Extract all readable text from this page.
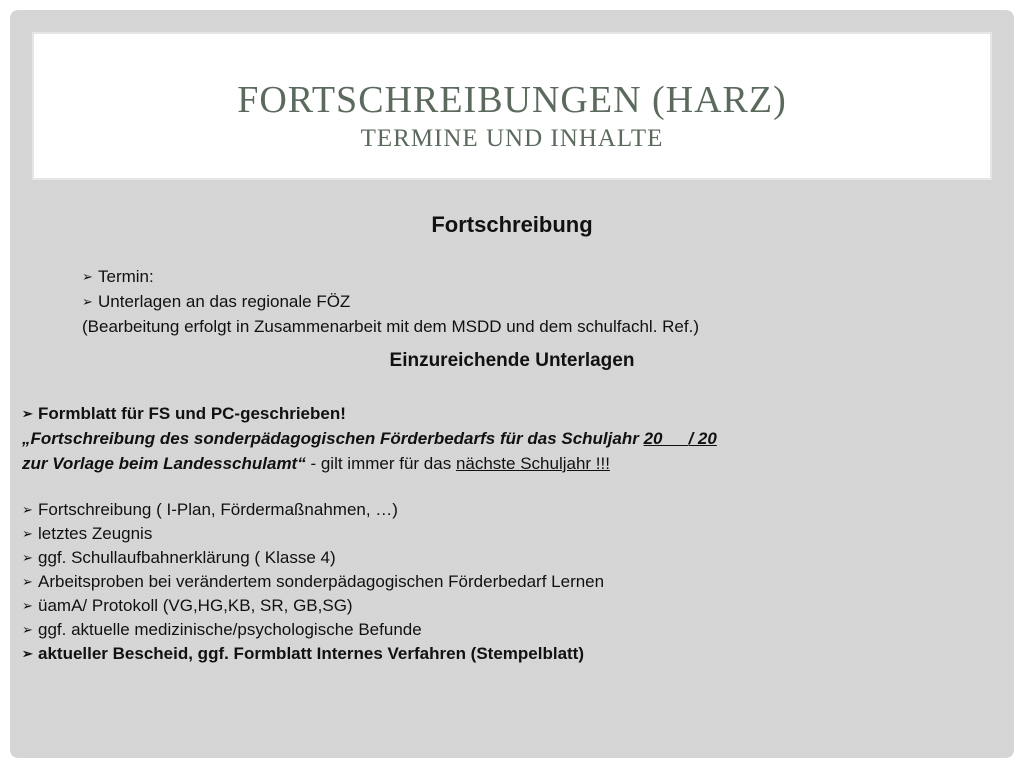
FORTSCHREIBUNGEN (HARZ)
TERMINE UND INHALTE
Fortschreibung
➢ Termin:
➢ Unterlagen an das regionale FÖZ
(Bearbeitung erfolgt in Zusammenarbeit mit dem MSDD und dem schulfachl. Ref.)
Einzureichende Unterlagen
➢ Formblatt für FS und PC-geschrieben!
„Fortschreibung des sonderpädagogischen Förderbedarfs für das Schuljahr 20 / 20
zur Vorlage beim Landesschulamt“ - gilt immer für das nächste Schuljahr !!!
➢ Fortschreibung ( I-Plan, Fördermaßnahmen, …)
➢ letztes Zeugnis
➢ ggf. Schullaufbahnerklärung ( Klasse 4)
➢ Arbeitsproben bei verändertem sonderpädagogischen Förderbedarf Lernen
➢ üamA/ Protokoll (VG,HG,KB, SR, GB,SG)
➢ ggf. aktuelle medizinische/psychologische Befunde
➢ aktueller Bescheid, ggf. Formblatt Internes Verfahren (Stempelblatt)
